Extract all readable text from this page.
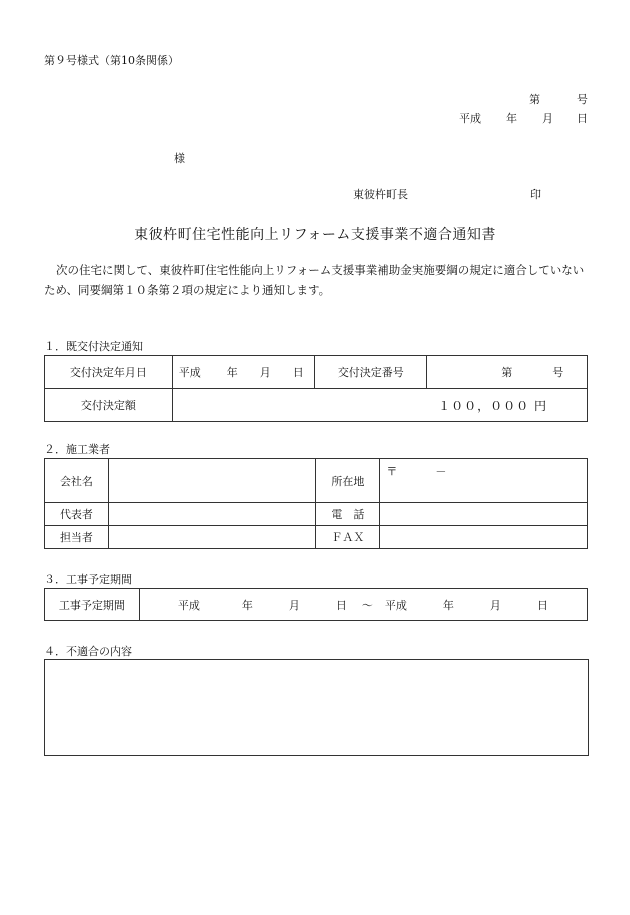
第９号様式（第10条関係）
第	号
平成 年 月 日
様
東彼杵町長	印
東彼杵町住宅性能向上リフォーム支援事業不適合通知書
次の住宅に関して、東彼杵町住宅性能向上リフォーム支援事業補助金実施要綱の規定に適合していないため、同要綱第１０条第２項の規定により通知します。
１．既交付決定通知
交付決定年月日	平成 年 月 日	交付決定番号	第 号
交付決定額	１００，０００ 円		
２．施工業者
会社名		所在地	〒 －
代表者		電　話	
担当者		ＦＡＸ	
３．工事予定期間
工事予定期間	平成	年	月	日 ～ 平成	年	月	日
４．不適合の内容
